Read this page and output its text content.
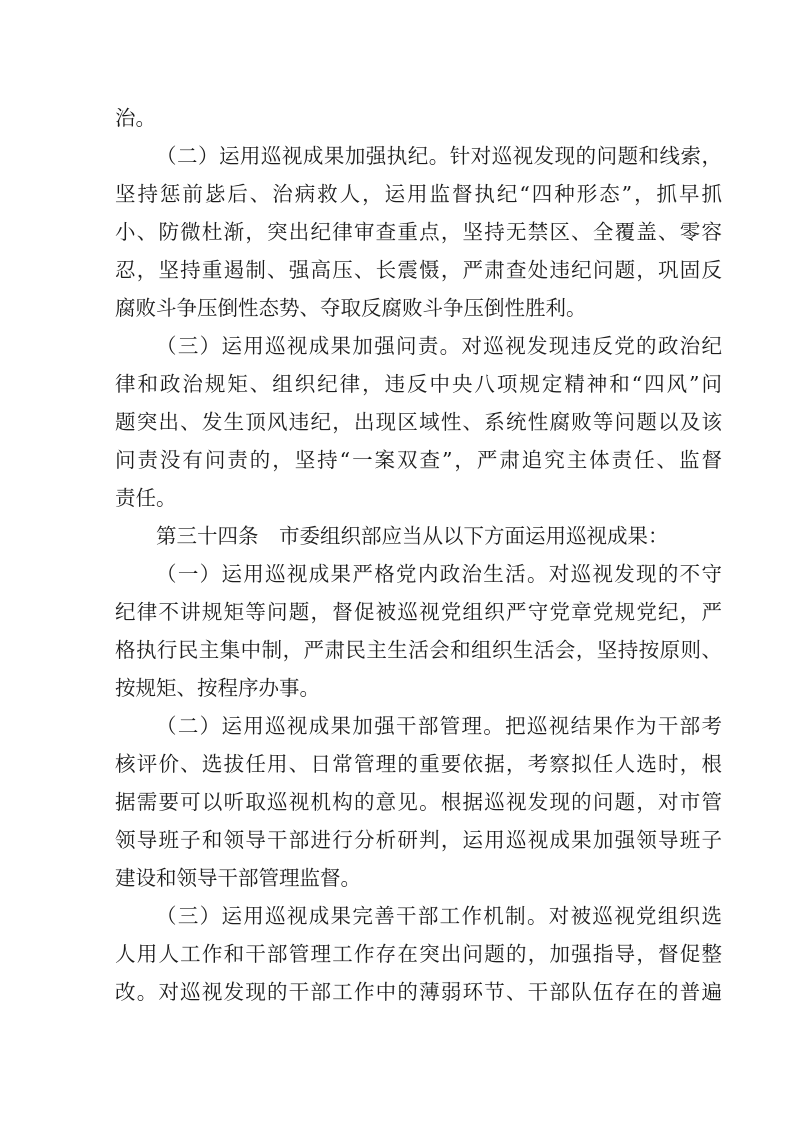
治。
（二）运用巡视成果加强执纪。针对巡视发现的问题和线索，
坚持惩前毖后、治病救人，运用监督执纪“四种形态”，抓早抓
小、防微杜渐，突出纪律审查重点，坚持无禁区、全覆盖、零容
忍，坚持重遏制、强高压、长震慑，严肃查处违纪问题，巩固反
腐败斗争压倒性态势、夺取反腐败斗争压倒性胜利。
（三）运用巡视成果加强问责。对巡视发现违反党的政治纪
律和政治规矩、组织纪律，违反中央八项规定精神和“四风”问
题突出、发生顶风违纪，出现区域性、系统性腐败等问题以及该
问责没有问责的，坚持“一案双查”，严肃追究主体责任、监督
责任。
第三十四条　市委组织部应当从以下方面运用巡视成果：
（一）运用巡视成果严格党内政治生活。对巡视发现的不守
纪律不讲规矩等问题，督促被巡视党组织严守党章党规党纪，严
格执行民主集中制，严肃民主生活会和组织生活会，坚持按原则、
按规矩、按程序办事。
（二）运用巡视成果加强干部管理。把巡视结果作为干部考
核评价、选拔任用、日常管理的重要依据，考察拟任人选时，根
据需要可以听取巡视机构的意见。根据巡视发现的问题，对市管
领导班子和领导干部进行分析研判，运用巡视成果加强领导班子
建设和领导干部管理监督。
（三）运用巡视成果完善干部工作机制。对被巡视党组织选
人用人工作和干部管理工作存在突出问题的，加强指导，督促整
改。对巡视发现的干部工作中的薄弱环节、干部队伍存在的普遍
